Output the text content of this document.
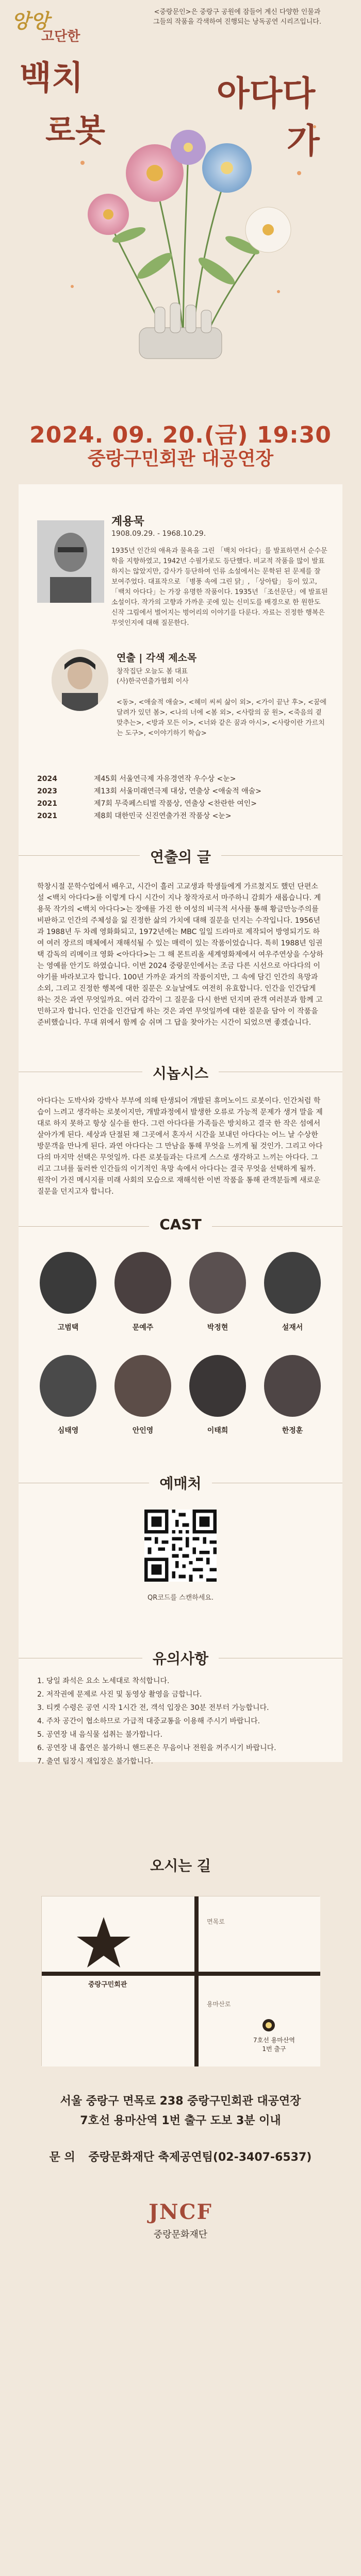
앙앙
고단한
<중랑문인>은 중랑구 공원에 잠들어 계신 다양한 인물과
그들의 작품을 각색하여 진행되는 낭독공연 시리즈입니다.
백치
로봇
아다다
가
2024. 09. 20.(금) 19:30
중랑구민회관 대공연장
계용묵
1908.09.29. - 1968.10.29.
1935년 인간의 애욕과 물욕을 그린 「백치 아다다」를 발표하면서 순수문학을 지향하였고, 1942년 수필가로도 등단했다. 비교적 작품을 많이 발표하지는 않았지만, 감사가 등단하여 인류 소설에서는 문학된 된 문제를 잘 보여주었다. 대표작으로 「병풍 속에 그린 닭」, 「상아탑」 등이 있고, 「백치 아다다」는 가장 유명한 작품이다. 1935년 「조선문단」에 발표된 소설이다. 작가의 고향과 가까운 곳에 있는 신미도를 배경으로 한 원한도 신작 그림에서 벌어지는 벙어리의 이야기를 다룬다. 자료는 진정한 행복은 무엇인지에 대해 질문한다.
연출 | 각색 제소목
창작집단 오늘도 봄 대표
(사)한국연출가협회 이사
<동>, <애술적 애술>, <헤미 씨씨 삶이 외>, <가이 끝난 후>, <꿈에 달려가 있던 봄>, <나의 너에 <봄 외>, <사람의 꿈 원>, <죽음의 곁 맞추는>, <방과 모든 이>, <너와 같은 꿈과 아시>, <사랑이란 가르치는 도구>, <이야기하기 학습>
2024	제45회 서울연극제 자유경연작 우수상 <눈>
2023	제13회 서울미래연극제 대상, 연출상 <애술적 애술>
2021	제7회 무죽페스티벌 작품상, 연출상 <찬란한 여인>
2021	제8회 대한민국 신진연출가전 작품상 <눈>
연출의 글
학창시절 문학수업에서 배우고, 시간이 흘러 고교생과 학생들에게 가르쳤지도 했던 단편소설 <백치 아다다>를 이렇게 다시 시간이 지나 창작자로서 마주하니 감회가 새롭습니다. 계용묵 작가의 <백치 아다다>는 장애를 가진 한 여성의 비극적 서사를 통해 황금만능주의를 비판하고 인간의 주체성을 잃 진정한 삶의 가치에 대해 질문을 던지는 수작입니다. 1956년과 1988년 두 차례 영화화되고, 1972년에는 MBC 일일 드라마로 제작되어 방영되기도 하여 여러 장르의 매체에서 재해석될 수 있는 매력이 있는 작품이었습니다. 특히 1988년 임권택 감독의 리메이크 영화 <아다다>는 그 해 몬트리올 세계영화제에서 여우주연상을 수상하는 영예를 안기도 하였습니다. 이번 2024 중랑문인에서는 조금 다른 시선으로 아다다의 이야기를 바라보고자 합니다. 100년 가까운 과거의 작품이지만, 그 속에 담긴 인간의 욕망과 소외, 그리고 진정한 행복에 대한 질문은 오늘날에도 여전히 유효합니다. 인간을 인간답게 하는 것은 과연 무엇일까요. 여러 감각이 그 질문을 다시 한번 던지며 관객 여러분과 함께 고민하고자 합니다. 인간을 인간답게 하는 것은 과연 무엇일까에 대한 질문을 담아 이 작품을 준비했습니다. 무대 위에서 함께 숨 쉬며 그 답을 찾아가는 시간이 되었으면 좋겠습니다.
시놉시스
아다다는 도박사와 강박사 부부에 의해 탄생되어 개발된 휴머노이드 로봇이다. 인간처럼 학습이 느려고 생각하는 로봇이지만, 개발과정에서 발생한 오류로 가능적 문제가 생겨 말을 제대로 하지 못하고 항상 실수를 한다. 그런 아다다를 가족들은 방치하고 결국 한 작은 섬에서 살아가게 된다. 세상과 단절된 채 그곳에서 혼자서 시간을 보내던 아다다는 어느 날 수상한 방문객을 만나게 된다. 과연 아다다는 그 만남을 통해 무엇을 느끼게 될 것인가. 그리고 아다다의 마지막 선택은 무엇일까. 다른 로봇들과는 다르게 스스로 생각하고 느끼는 아다다. 그리고 그녀를 둘러싼 인간들의 이기적인 욕망 속에서 아다다는 결국 무엇을 선택하게 될까. 원작이 가진 메시지를 미래 사회의 모습으로 재해석한 이번 작품을 통해 관객분들께 새로운 질문을 던지고자 합니다.
CAST
고범택	문예주	박정현	설재서
심태영	안인영	이태희	한정훈
예매처
QR코드를 스캔하세요.
유의사항
1. 당일 좌석은 요소 노세대로 착석합니다.
2. 저작권에 문제로 사진 및 동영상 촬영을 금합니다.
3. 티켓 수령은 공연 시작 1시간 전, 객석 입장은 30분 전부터 가능합니다.
4. 주차 공간이 협소하므로 가급적 대중교통을 이용해 주시기 바랍니다.
5. 공연장 내 음식물 섭취는 불가합니다.
6. 공연장 내 흡연은 불가하니 핸드폰은 무음이나 전원을 꺼주시기 바랍니다.
7. 출연 팀장시 재입장은 불가합니다.
오시는 길
중랑구민회관
7호선 용마산역
1번 출구
면목로
용마산로
서울 중랑구 면목로 238 중랑구민회관 대공연장
7호선 용마산역 1번 출구 도보 3분 이내
문 의 중랑문화재단 축제공연팀(02-3407-6537)
JNCF
중랑문화재단
